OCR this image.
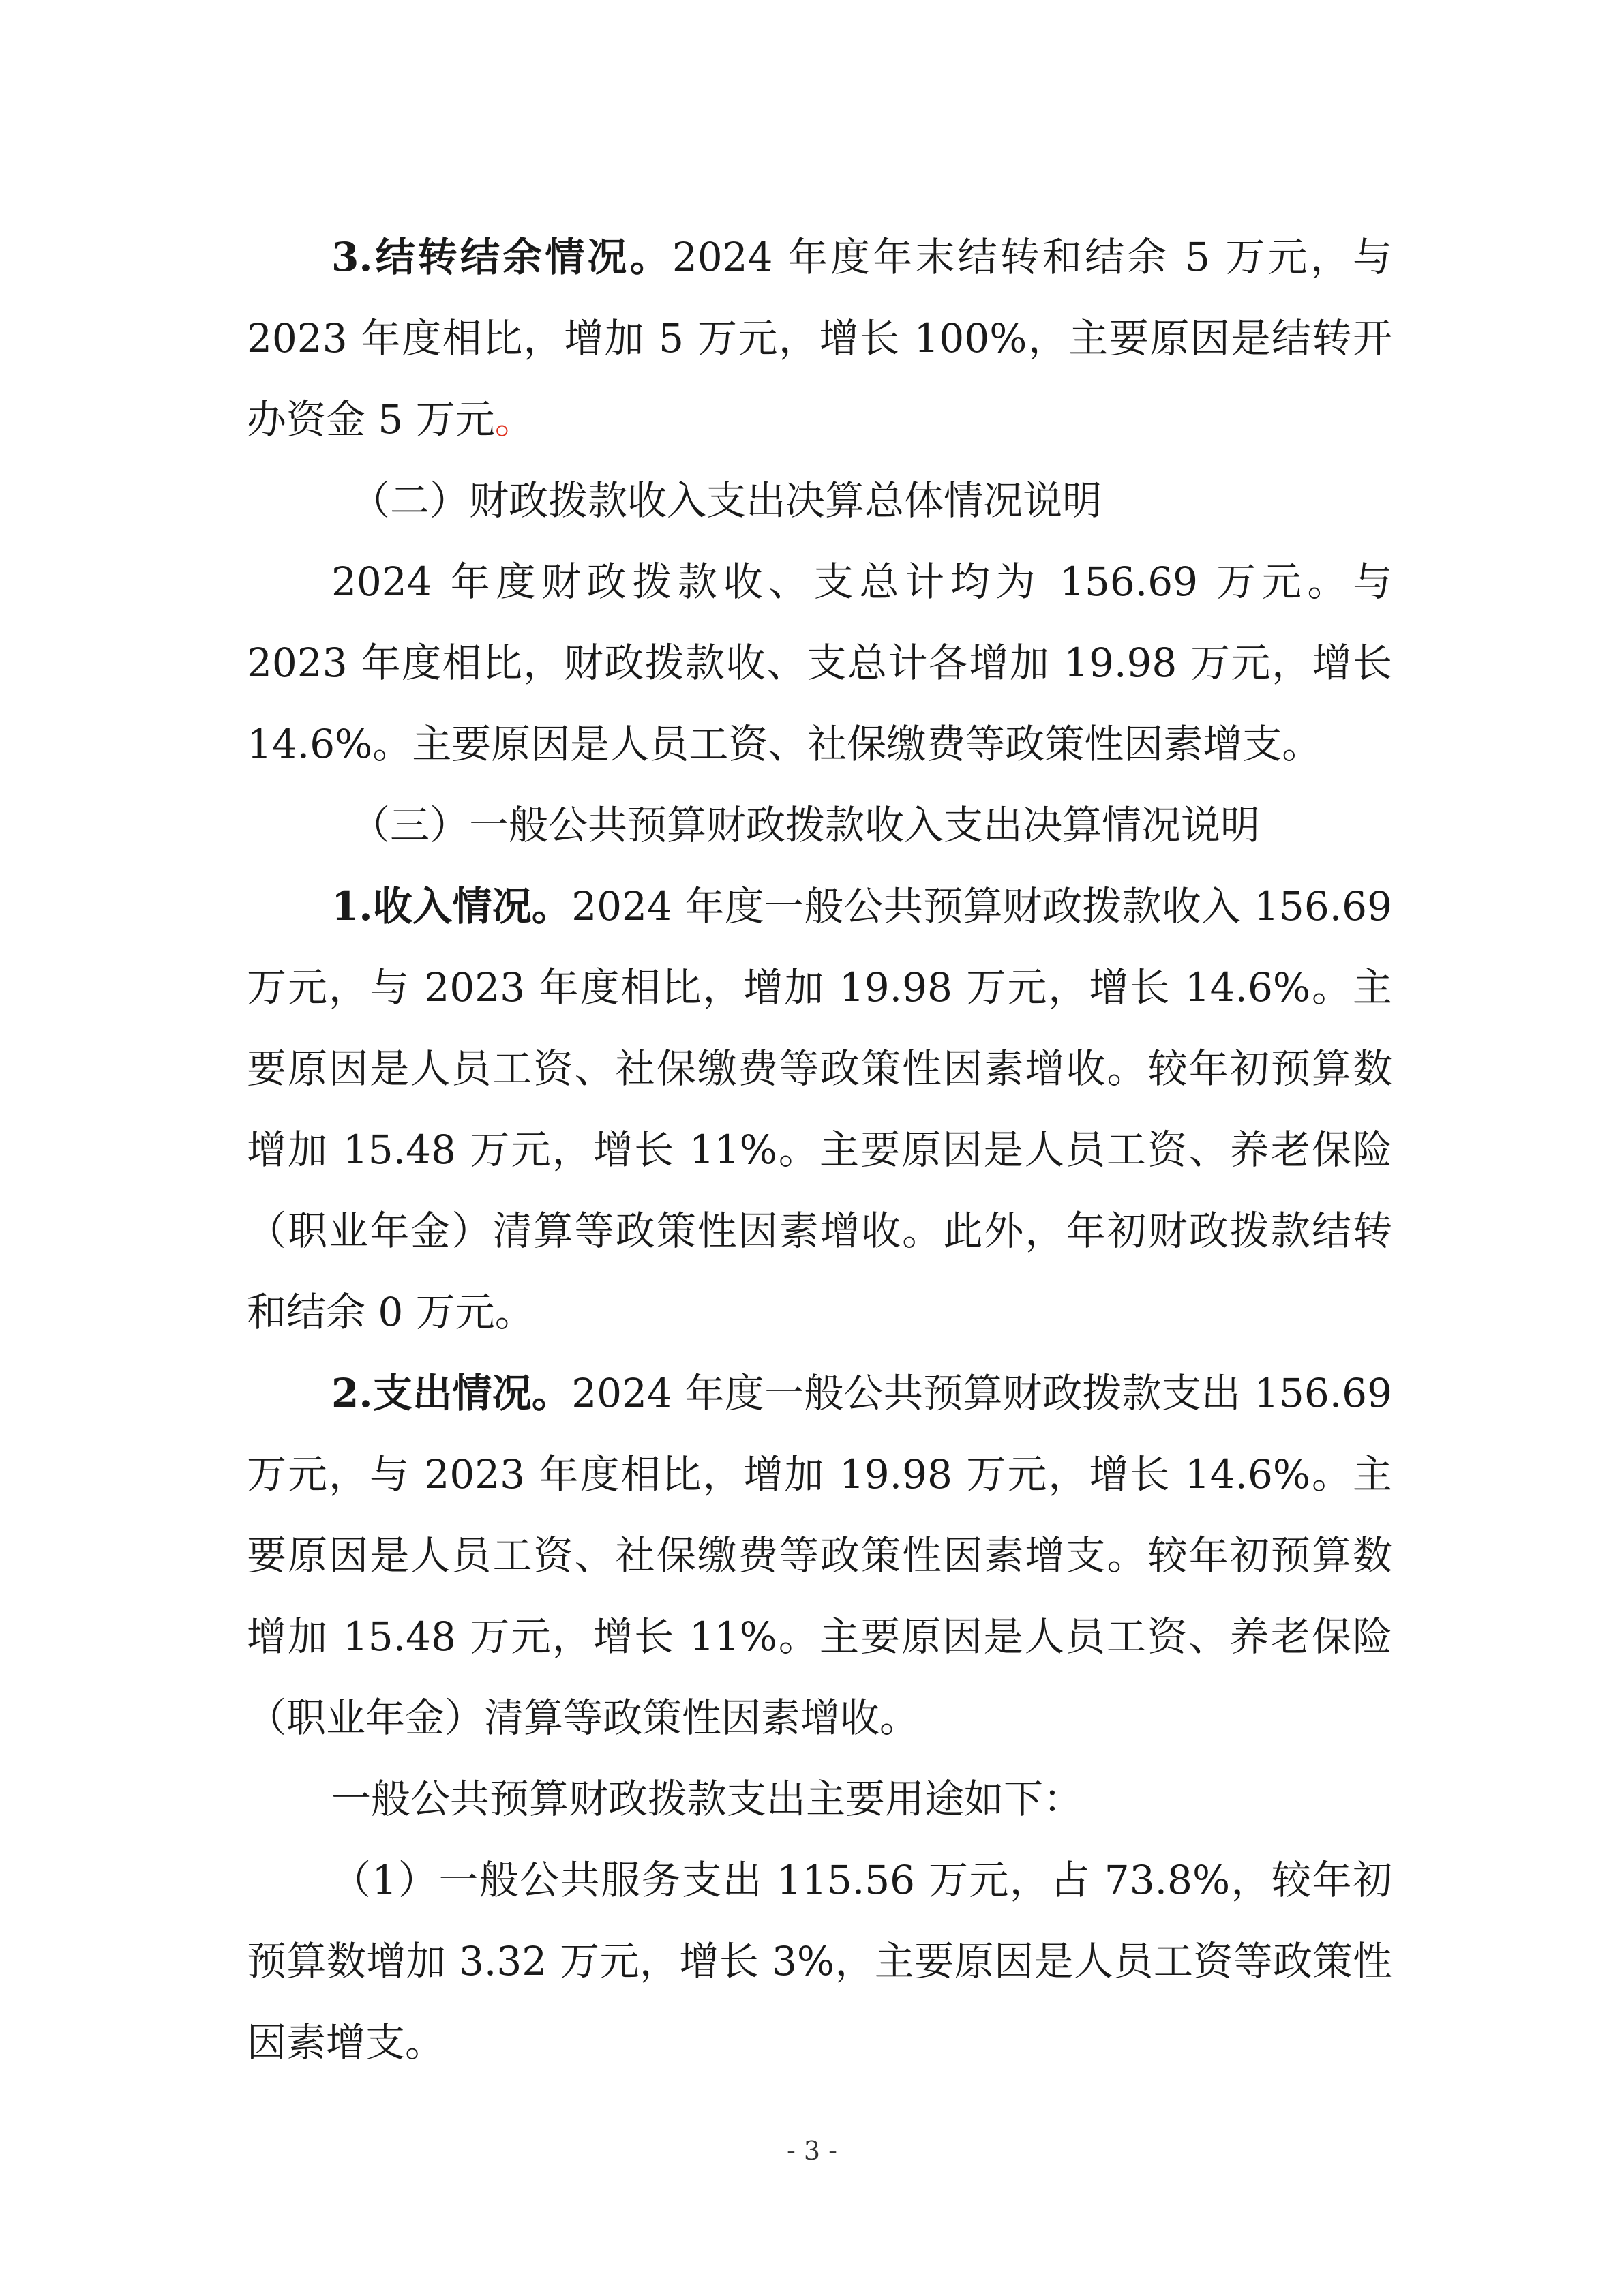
3.结转结余情况。2024 年度年末结转和结余 5 万元，与 2023 年度相比，增加 5 万元，增长 100%，主要原因是结转开办资金 5 万元。

（二）财政拨款收入支出决算总体情况说明

2024 年度财政拨款收、支总计均为 156.69 万元。与 2023 年度相比，财政拨款收、支总计各增加 19.98 万元，增长 14.6%。主要原因是人员工资、社保缴费等政策性因素增支。

（三）一般公共预算财政拨款收入支出决算情况说明

1.收入情况。2024 年度一般公共预算财政拨款收入 156.69 万元，与 2023 年度相比，增加 19.98 万元，增长 14.6%。主要原因是人员工资、社保缴费等政策性因素增收。较年初预算数增加 15.48 万元，增长 11%。主要原因是人员工资、养老保险（职业年金）清算等政策性因素增收。此外，年初财政拨款结转和结余 0 万元。

2.支出情况。2024 年度一般公共预算财政拨款支出 156.69 万元，与 2023 年度相比，增加 19.98 万元，增长 14.6%。主要原因是人员工资、社保缴费等政策性因素增支。较年初预算数增加 15.48 万元，增长 11%。主要原因是人员工资、养老保险（职业年金）清算等政策性因素增收。

一般公共预算财政拨款支出主要用途如下：

（1）一般公共服务支出 115.56 万元，占 73.8%，较年初预算数增加 3.32 万元，增长 3%，主要原因是人员工资等政策性因素增支。

- 3 -
